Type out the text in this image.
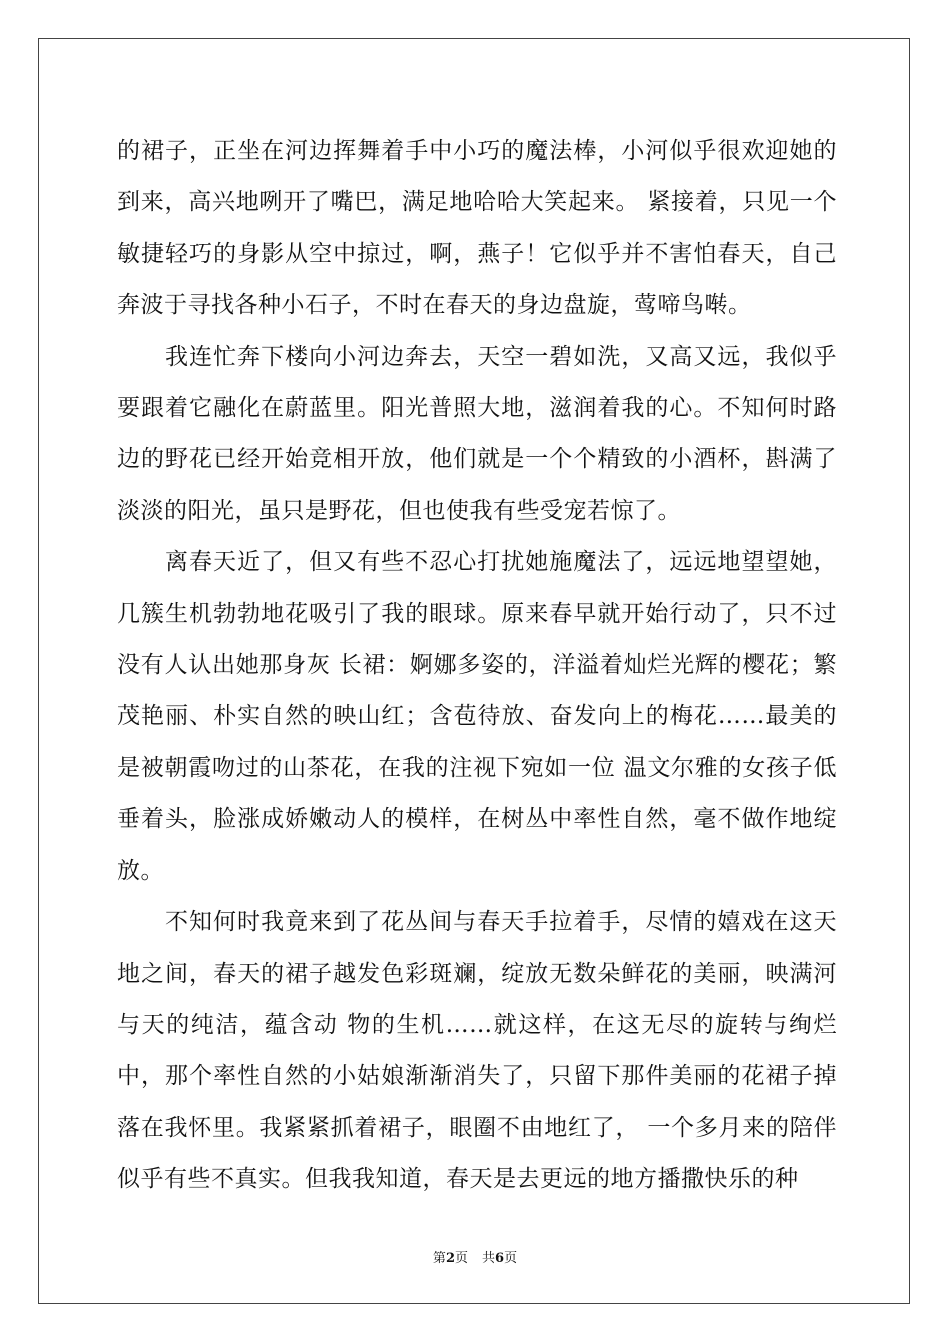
的裙子，正坐在河边挥舞着手中小巧的魔法棒，小河似乎很欢迎她的到来，高兴地咧开了嘴巴，满足地哈哈大笑起来。 紧接着，只见一个敏捷轻巧的身影从空中掠过，啊，燕子！它似乎并不害怕春天，自己奔波于寻找各种小石子，不时在春天的身边盘旋，莺啼鸟啭。

我连忙奔下楼向小河边奔去，天空一碧如洗，又高又远，我似乎要跟着它融化在蔚蓝里。阳光普照大地，滋润着我的心。不知何时路边的野花已经开始竞相开放，他们就是一个个精致的小酒杯，斟满了淡淡的阳光，虽只是野花，但也使我有些受宠若惊了。

离春天近了，但又有些不忍心打扰她施魔法了，远远地望望她，几簇生机勃勃地花吸引了我的眼球。原来春早就开始行动了，只不过没有人认出她那身灰 长裙：婀娜多姿的，洋溢着灿烂光辉的樱花；繁茂艳丽、朴实自然的映山红；含苞待放、奋发向上的梅花……最美的是被朝霞吻过的山茶花，在我的注视下宛如一位 温文尔雅的女孩子低垂着头，脸涨成娇嫩动人的模样，在树丛中率性自然，毫不做作地绽放。

不知何时我竟来到了花丛间与春天手拉着手，尽情的嬉戏在这天地之间，春天的裙子越发色彩斑斓，绽放无数朵鲜花的美丽，映满河与天的纯洁，蕴含动 物的生机……就这样，在这无尽的旋转与绚烂中，那个率性自然的小姑娘渐渐消失了，只留下那件美丽的花裙子掉落在我怀里。我紧紧抓着裙子，眼圈不由地红了， 一个多月来的陪伴似乎有些不真实。但我我知道，春天是去更远的地方播撒快乐的种

第2页 共6页
